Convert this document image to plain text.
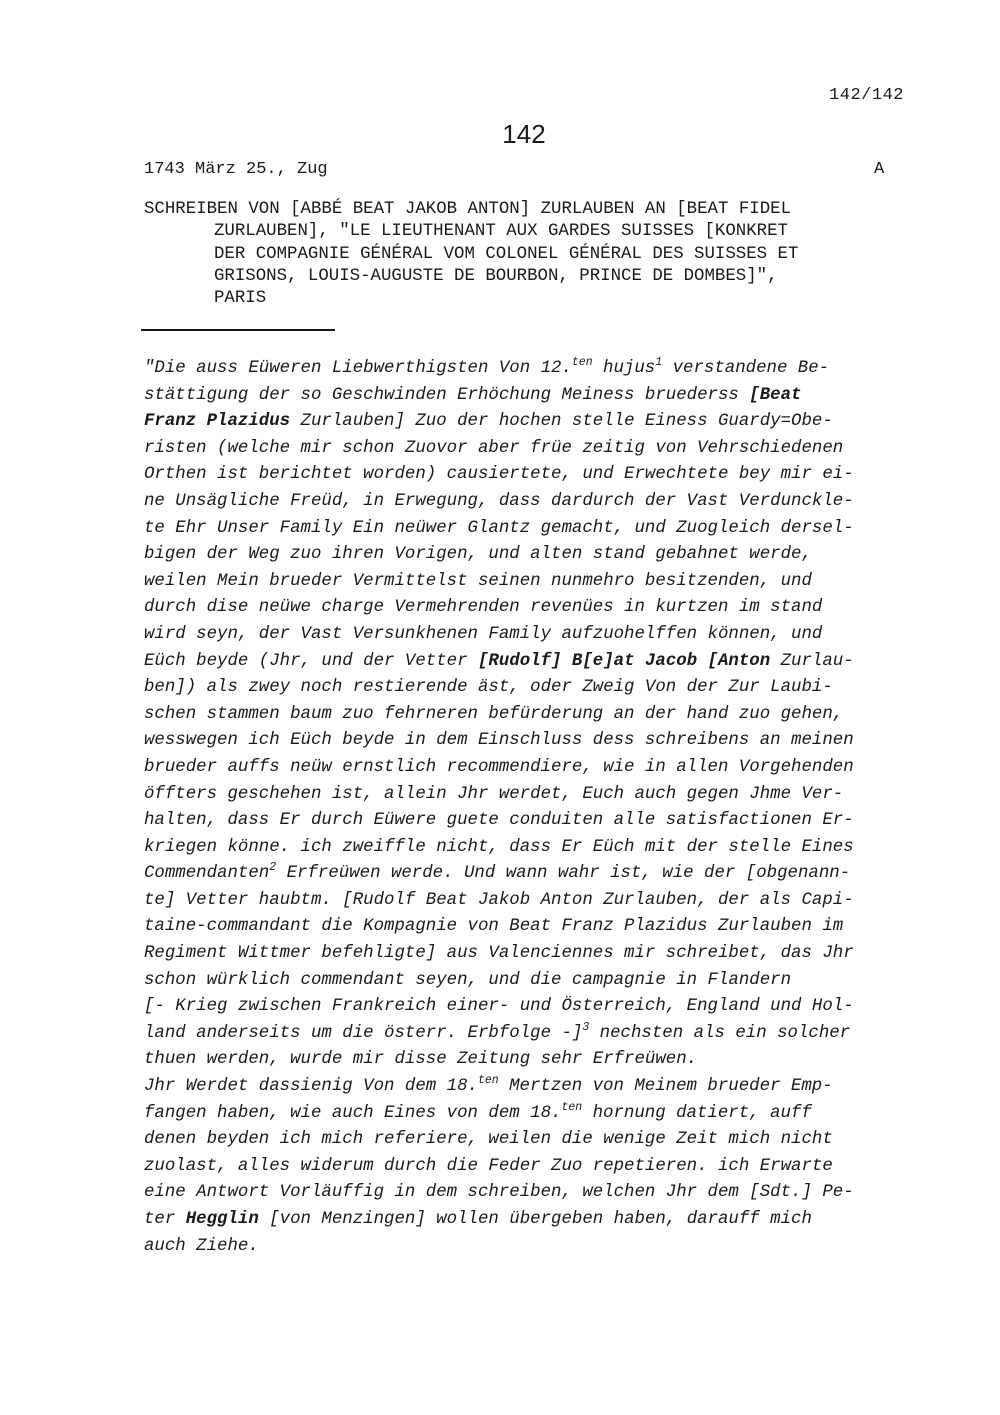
142/142
142
1743 März 25., Zug	A
SCHREIBEN VON [ABBÉ BEAT JAKOB ANTON] ZURLAUBEN AN [BEAT FIDEL
ZURLAUBEN], "LE LIEUTHENANT AUX GARDES SUISSES [KONKRET
DER COMPAGNIE GÉNÉRAL VOM COLONEL GÉNÉRAL DES SUISSES ET
GRISONS, LOUIS-AUGUSTE DE BOURBON, PRINCE DE DOMBES]",
PARIS
"Die auss Eüweren Liebwerthigsten Von 12.$^{ten}$ hujus$^1$ verstandene Be-
stättigung der so Geschwinden Erhöchung Meiness bruederss [Beat
Franz Plazidus Zurlauben] Zuo der hochen stelle Einess Guardy=Obe-
risten (welche mir schon Zuovor aber früe zeitig von Vehrschiedenen
Orthen ist berichtet worden) causiertete, und Erwechtete bey mir ei-
ne Unsägliche Freüd, in Erwegung, dass dardurch der Vast Verdunckle-
te Ehr Unser Family Ein neüwer Glantz gemacht, und Zuogleich dersel-
bigen der Weg zuo ihren Vorigen, und alten stand gebahnet werde,
weilen Mein brueder Vermittelst seinen nunmehro besitzenden, und
durch dise neüwe charge Vermehrenden revenües in kurtzen im stand
wird seyn, der Vast Versunkhenen Family aufzuohelffen können, und
Eüch beyde (Jhr, und der Vetter [Rudolf] B[e]at Jacob [Anton Zurlau-
ben]) als zwey noch restierende äst, oder Zweig Von der Zur Laubi-
schen stammen baum zuo fehrneren befürderung an der hand zuo gehen,
wesswegen ich Eüch beyde in dem Einschluss dess schreibens an meinen
brueder auffs neüw ernstlich recommendiere, wie in allen Vorgehenden
öffters geschehen ist, allein Jhr werdet, Euch auch gegen Jhme Ver-
halten, dass Er durch Eüwere guete conduiten alle satisfactionen Er-
kriegen könne. ich zweiffle nicht, dass Er Eüch mit der stelle Eines
Commendanten$^2$ Erfreüwen werde. Und wann wahr ist, wie der [obgenann-
te] Vetter haubtm. [Rudolf Beat Jakob Anton Zurlauben, der als Capi-
taine-commandant die Kompagnie von Beat Franz Plazidus Zurlauben im
Regiment Wittmer befehligte] aus Valenciennes mir schreibet, das Jhr
schon würklich commendant seyen, und die campagnie in Flandern
[- Krieg zwischen Frankreich einer- und Österreich, England und Hol-
land anderseits um die österr. Erbfolge -]$^3$ nechsten als ein solcher
thuen werden, wurde mir disse Zeitung sehr Erfreüwen.
Jhr Werdet dassienig Von dem 18.$^{ten}$ Mertzen von Meinem brueder Emp-
fangen haben, wie auch Eines von dem 18.$^{ten}$ hornung datiert, auff
denen beyden ich mich referiere, weilen die wenige Zeit mich nicht
zuolast, alles widerum durch die Feder Zuo repetieren. ich Erwarte
eine Antwort Vorläuffig in dem schreiben, welchen Jhr dem [Sdt.] Pe-
ter Hegglin [von Menzingen] wollen übergeben haben, darauff mich
auch Ziehe.
